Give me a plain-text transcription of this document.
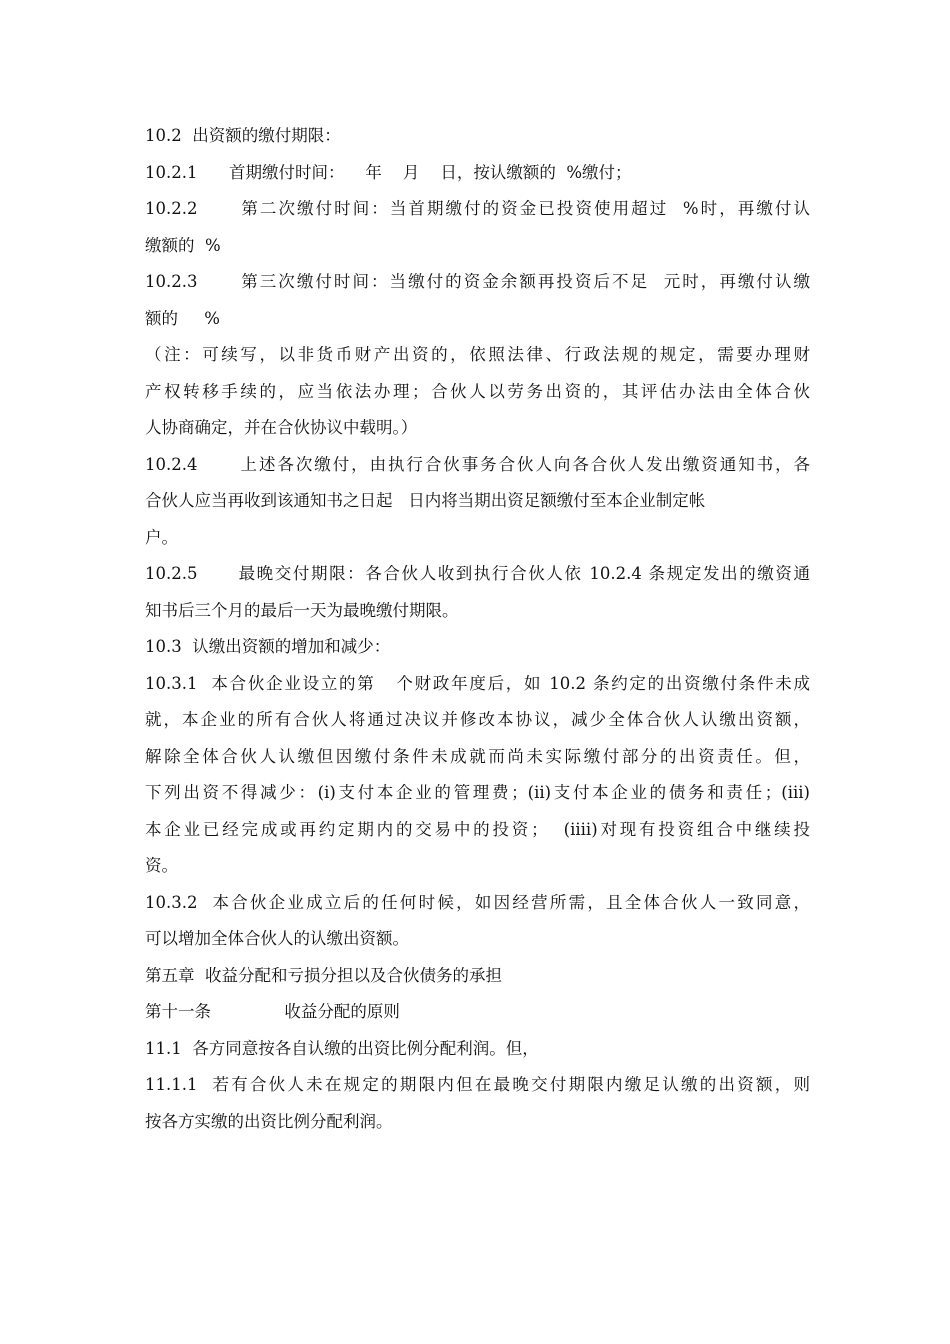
10.2  出资额的缴付期限：
10.2.1      首期缴付时间：    年    月    日，按认缴额的  %缴付；
10.2.2      第二次缴付时间：当首期缴付的资金已投资使用超过  %时，再缴付认
缴额的  %
10.2.3      第三次缴付时间：当缴付的资金余额再投资后不足  元时，再缴付认缴
额的     %
（注：可续写，以非货币财产出资的，依照法律、行政法规的规定，需要办理财
产权转移手续的，应当依法办理；合伙人以劳务出资的，其评估办法由全体合伙
人协商确定，并在合伙协议中载明。）
10.2.4      上述各次缴付，由执行合伙事务合伙人向各合伙人发出缴资通知书，各
合伙人应当再收到该通知书之日起   日内将当期出资足额缴付至本企业制定帐
户。
10.2.5      最晚交付期限：各合伙人收到执行合伙人依 10.2.4 条规定发出的缴资通
知书后三个月的最后一天为最晚缴付期限。
10.3  认缴出资额的增加和减少：
10.3.1  本合伙企业设立的第   个财政年度后，如 10.2 条约定的出资缴付条件未成
就，本企业的所有合伙人将通过决议并修改本协议，减少全体合伙人认缴出资额，
解除全体合伙人认缴但因缴付条件未成就而尚未实际缴付部分的出资责任。但，
下列出资不得减少：(i)支付本企业的管理费；(ii)支付本企业的债务和责任；(iii)
本企业已经完成或再约定期内的交易中的投资；  (iiii)对现有投资组合中继续投
资。
10.3.2  本合伙企业成立后的任何时候，如因经营所需，且全体合伙人一致同意，
可以增加全体合伙人的认缴出资额。
第五章  收益分配和亏损分担以及合伙债务的承担
第十一条              收益分配的原则
11.1  各方同意按各自认缴的出资比例分配利润。但，
11.1.1  若有合伙人未在规定的期限内但在最晚交付期限内缴足认缴的出资额，则
按各方实缴的出资比例分配利润。
